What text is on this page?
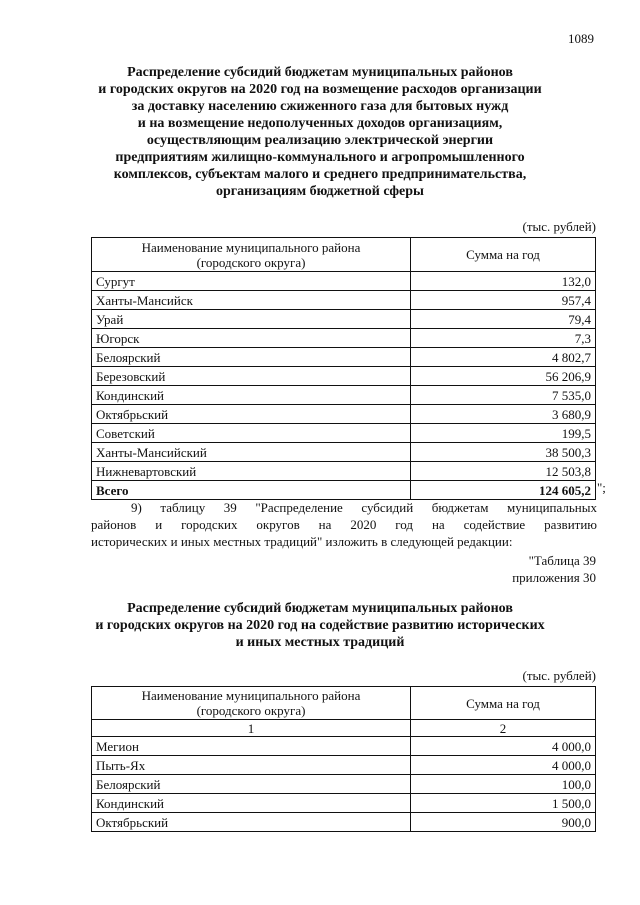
1089
Распределение субсидий бюджетам муниципальных районов
и городских округов на 2020 год на возмещение расходов организации
за доставку населению сжиженного газа для бытовых нужд
и на возмещение недополученных доходов организациям,
осуществляющим реализацию электрической энергии
предприятиям жилищно-коммунального и агропромышленного
комплексов, субъектам малого и среднего предпринимательства,
организациям бюджетной сферы
(тыс. рублей)
Наименование муниципального района
(городского округа)	Сумма на год
Сургут	132,0
Ханты-Мансийск	957,4
Урай	79,4
Югорск	7,3
Белоярский	4 802,7
Березовский	56 206,9
Кондинский	7 535,0
Октябрьский	3 680,9
Советский	199,5
Ханты-Мансийский	38 500,3
Нижневартовский	12 503,8
Всего	124 605,2 ";
9) таблицу 39 "Распределение субсидий бюджетам муниципальных
районов и городских округов на 2020 год на содействие развитию
исторических и иных местных традиций" изложить в следующей редакции:
"Таблица 39
приложения 30
Распределение субсидий бюджетам муниципальных районов
и городских округов на 2020 год на содействие развитию исторических
и иных местных традиций
(тыс. рублей)
Наименование муниципального района
(городского округа)	Сумма на год
1	2
Мегион	4 000,0
Пыть-Ях	4 000,0
Белоярский	100,0
Кондинский	1 500,0
Октябрьский	900,0
